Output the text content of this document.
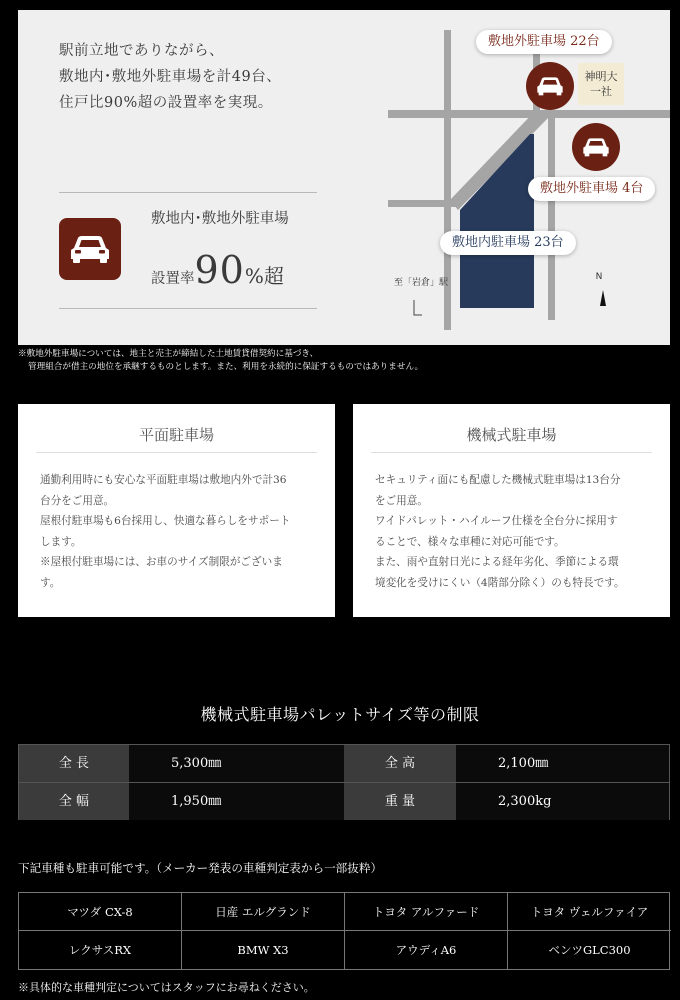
駅前立地でありながら、
敷地内･敷地外駐車場を計49台、
住戸比90%超の設置率を実現。
敷地内･敷地外駐車場
設置率90%超
神明大
一社
敷地外駐車場 22台
敷地外駐車場 4台
敷地内駐車場 23台
至「岩倉」駅
N
※敷地外駐車場については、地主と売主が締結した土地賃貸借契約に基づき、
管理組合が借主の地位を承継するものとします。また、利用を永続的に保証するものではありません。
平面駐車場
通勤利用時にも安心な平面駐車場は敷地内外で計36
台分をご用意。
屋根付駐車場も6台採用し、快適な暮らしをサポート
します。
※屋根付駐車場には、お車のサイズ制限がございま
す。
機械式駐車場
セキュリティ面にも配慮した機械式駐車場は13台分
をご用意。
ワイドパレット・ハイルーフ仕様を全台分に採用す
ることで、様々な車種に対応可能です。
また、雨や直射日光による経年劣化、季節による環
境変化を受けにくい（4階部分除く）のも特長です。
機械式駐車場パレットサイズ等の制限
全 長	5,300㎜	全 高	2,100㎜
全 幅	1,950㎜	重 量	2,300kg
下記車種も駐車可能です。（メーカー発表の車種判定表から一部抜粋）
マツダ CX-8	日産 エルグランド	トヨタ アルファード	トヨタ ヴェルファイア
レクサスRX	BMW X3	アウディA6	ベンツGLC300
※具体的な車種判定についてはスタッフにお尋ねください。
